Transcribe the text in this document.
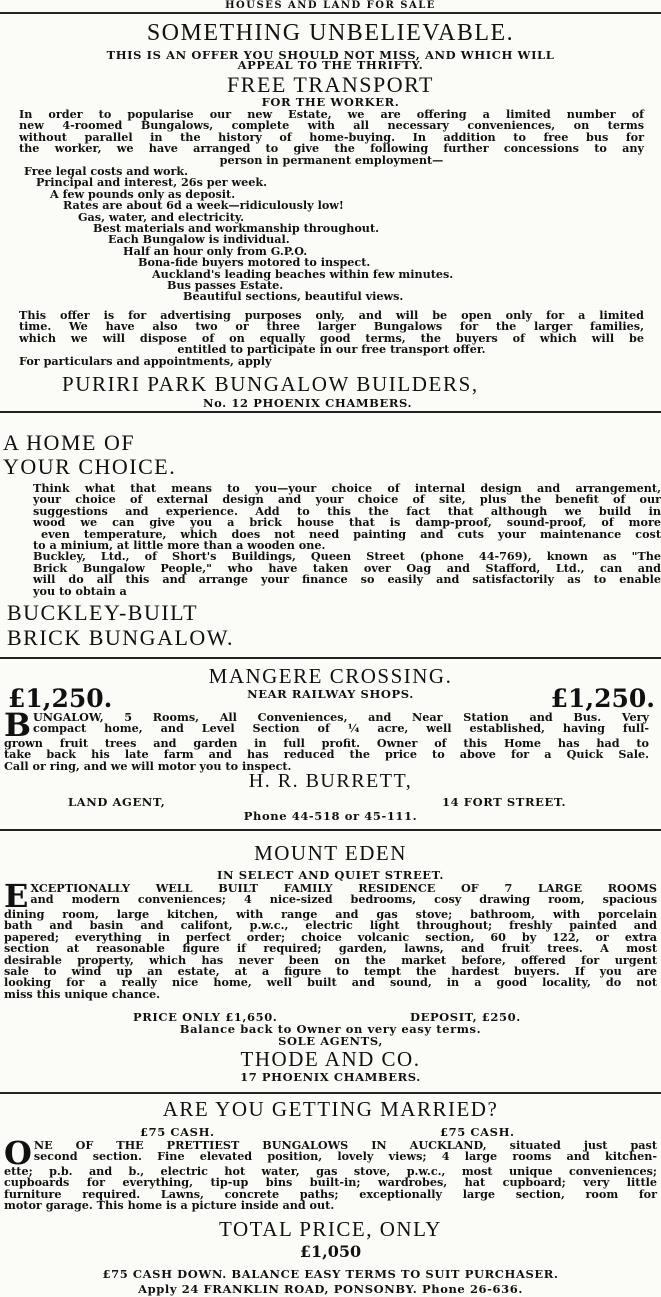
HOUSES AND LAND FOR SALE
SOMETHING UNBELIEVABLE.
THIS IS AN OFFER YOU SHOULD NOT MISS, AND WHICH WILL
APPEAL TO THE THRIFTY.
FREE TRANSPORT
FOR THE WORKER.

In order to popularise our new Estate, we are offering a limited number of

new 4-roomed Bungalows, complete with all necessary conveniences, on terms

without parallel in the history of home-buying. In addition to free bus for

the worker, we have arranged to give the following further concessions to any

person in permanent employment—
Free legal costs and work.
Principal and interest, 26s per week.
A few pounds only as deposit.
Rates are about 6d a week—ridiculously low!
Gas, water, and electricity.
Best materials and workmanship throughout.
Each Bungalow is individual.
Half an hour only from G.P.O.
Bona-fide buyers motored to inspect.
Auckland's leading beaches within few minutes.
Bus passes Estate.
Beautiful sections, beautiful views.

This offer is for advertising purposes only, and will be open only for a limited

time. We have also two or three larger Bungalows for the larger families,

which we will dispose of on equally good terms, the buyers of which will be

entitled to participate in our free transport offer.
For particulars and appointments, apply
PURIRI PARK BUNGALOW BUILDERS,
No. 12 PHOENIX CHAMBERS.
A HOME OF
YOUR CHOICE.

Think what that means to you—your choice of internal design and arrangement,

your choice of external design and your choice of site, plus the benefit of our

suggestions and experience. Add to this the fact that although we build in

wood we can give you a brick house that is damp-proof, sound-proof, of more

even temperature, which does not need painting and cuts your maintenance cost

to a minium, at little more than a wooden one.

Buckley, Ltd., of Short's Buildings, Queen Street (phone 44-769), known as "The

Brick Bungalow People," who have taken over Oag and Stafford, Ltd., can and

will do all this and arrange your finance so easily and satisfactorily as to enable

you to obtain a
BUCKLEY-BUILT
BRICK BUNGALOW.
MANGERE CROSSING.
£1,250.	£1,250.
NEAR RAILWAY SHOPS.
B UNGALOW, 5 Rooms, All Conveniences, and Near Station and Bus. Very

compact home, and Level Section of ¼ acre, well established, having full-

grown fruit trees and garden in full profit. Owner of this Home has had to

take back his late farm and has reduced the price to above for a Quick Sale.

Call or ring, and we will motor you to inspect.
H. R. BURRETT,
LAND AGENT,	14 FORT STREET.
Phone 44-518 or 45-111.
MOUNT EDEN
IN SELECT AND QUIET STREET.
E XCEPTIONALLY WELL BUILT FAMILY RESIDENCE OF 7 LARGE ROOMS

and modern conveniences; 4 nice-sized bedrooms, cosy drawing room, spacious

dining room, large kitchen, with range and gas stove; bathroom, with porcelain

bath and basin and califont, p.w.c., electric light throughout; freshly painted and

papered; everything in perfect order; choice volcanic section, 60 by 122, or extra

section at reasonable figure if required; garden, lawns, and fruit trees. A most

desirable property, which has never been on the market before, offered for urgent

sale to wind up an estate, at a figure to tempt the hardest buyers. If you are

looking for a really nice home, well built and sound, in a good locality, do not

miss this unique chance.
PRICE ONLY £1,650.	DEPOSIT, £250.
Balance back to Owner on very easy terms.
SOLE AGENTS,
THODE AND CO.
17 PHOENIX CHAMBERS.
ARE YOU GETTING MARRIED?
£75 CASH.	£75 CASH.
O NE OF THE PRETTIEST BUNGALOWS IN AUCKLAND, situated just past

second section. Fine elevated position, lovely views; 4 large rooms and kitchen-

ette; p.b. and b., electric hot water, gas stove, p.w.c., most unique conveniences;

cupboards for everything, tip-up bins built-in; wardrobes, hat cupboard; very little

furniture required. Lawns, concrete paths; exceptionally large section, room for

motor garage. This home is a picture inside and out.
TOTAL PRICE, ONLY
£1,050
£75 CASH DOWN. BALANCE EASY TERMS TO SUIT PURCHASER.
Apply 24 FRANKLIN ROAD, PONSONBY. Phone 26-636.
